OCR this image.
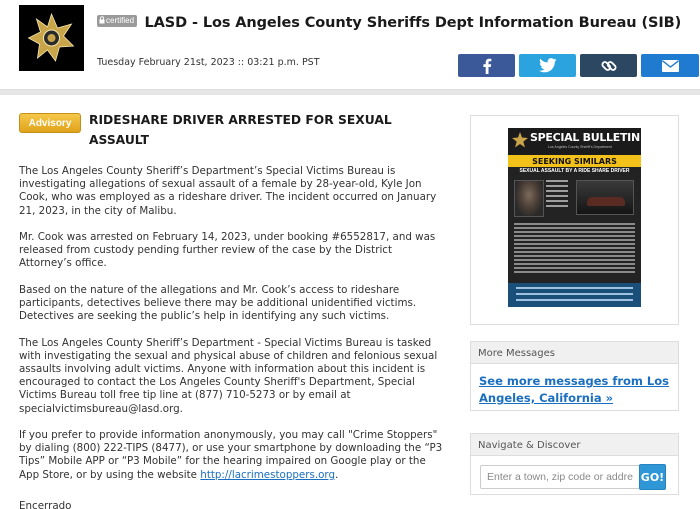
certified LASD - Los Angeles County Sheriffs Dept Information Bureau (SIB)
Tuesday February 21st, 2023 :: 03:21 p.m. PST
Advisory	RIDESHARE DRIVER ARRESTED FOR SEXUAL ASSAULT

The Los Angeles County Sheriff’s Department’s Special Victims Bureau is investigating allegations of sexual assault of a female by 28-year-old, Kyle Jon Cook, who was employed as a rideshare driver. The incident occurred on January 21, 2023, in the city of Malibu.

Mr. Cook was arrested on February 14, 2023, under booking #6552817, and was released from custody pending further review of the case by the District Attorney’s office.

Based on the nature of the allegations and Mr. Cook’s access to rideshare participants, detectives believe there may be additional unidentified victims. Detectives are seeking the public’s help in identifying any such victims.

The Los Angeles County Sheriff’s Department - Special Victims Bureau is tasked with investigating the sexual and physical abuse of children and felonious sexual assaults involving adult victims. Anyone with information about this incident is encouraged to contact the Los Angeles County Sheriff's Department, Special Victims Bureau toll free tip line at (877) 710-5273 or by email at specialvictimsbureau@lasd.org.

If you prefer to provide information anonymously, you may call "Crime Stoppers" by dialing (800) 222-TIPS (8477), or use your smartphone by downloading the “P3 Tips” Mobile APP or “P3 Mobile” for the hearing impaired on Google play or the App Store, or by using the website http://lacrimestoppers.org.

Encerrado
SPECIAL BULLETIN
Los Angeles County Sheriff's Department
SEEKING SIMILARS
SEXUAL ASSAULT BY A RIDE SHARE DRIVER
More Messages
See more messages from Los Angeles, California »
Navigate & Discover
Enter a town, zip code or address
GO!
